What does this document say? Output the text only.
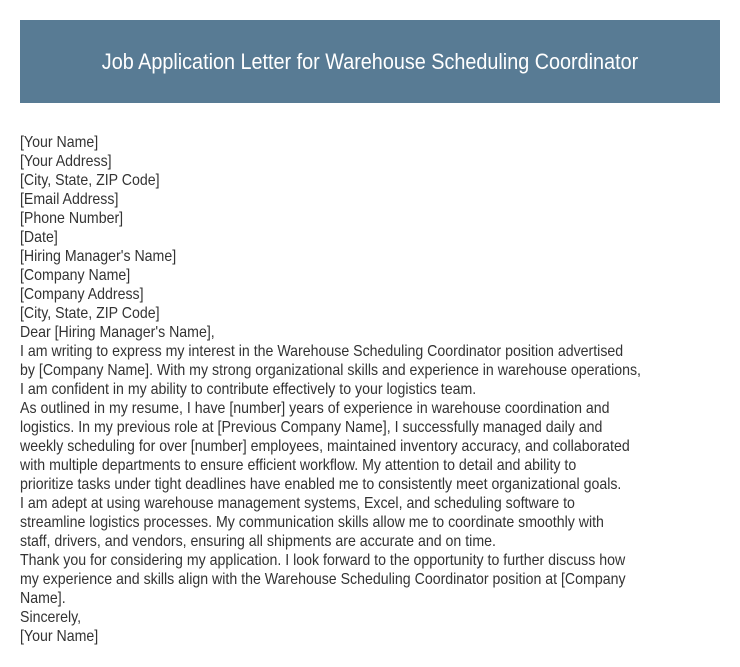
Job Application Letter for Warehouse Scheduling Coordinator
[Your Name]
[Your Address]
[City, State, ZIP Code]
[Email Address]
[Phone Number]
[Date]
[Hiring Manager's Name]
[Company Name]
[Company Address]
[City, State, ZIP Code]
Dear [Hiring Manager's Name],
I am writing to express my interest in the Warehouse Scheduling Coordinator position advertised
by [Company Name]. With my strong organizational skills and experience in warehouse operations,
I am confident in my ability to contribute effectively to your logistics team.
As outlined in my resume, I have [number] years of experience in warehouse coordination and
logistics. In my previous role at [Previous Company Name], I successfully managed daily and
weekly scheduling for over [number] employees, maintained inventory accuracy, and collaborated
with multiple departments to ensure efficient workflow. My attention to detail and ability to
prioritize tasks under tight deadlines have enabled me to consistently meet organizational goals.
I am adept at using warehouse management systems, Excel, and scheduling software to
streamline logistics processes. My communication skills allow me to coordinate smoothly with
staff, drivers, and vendors, ensuring all shipments are accurate and on time.
Thank you for considering my application. I look forward to the opportunity to further discuss how
my experience and skills align with the Warehouse Scheduling Coordinator position at [Company
Name].
Sincerely,
[Your Name]
